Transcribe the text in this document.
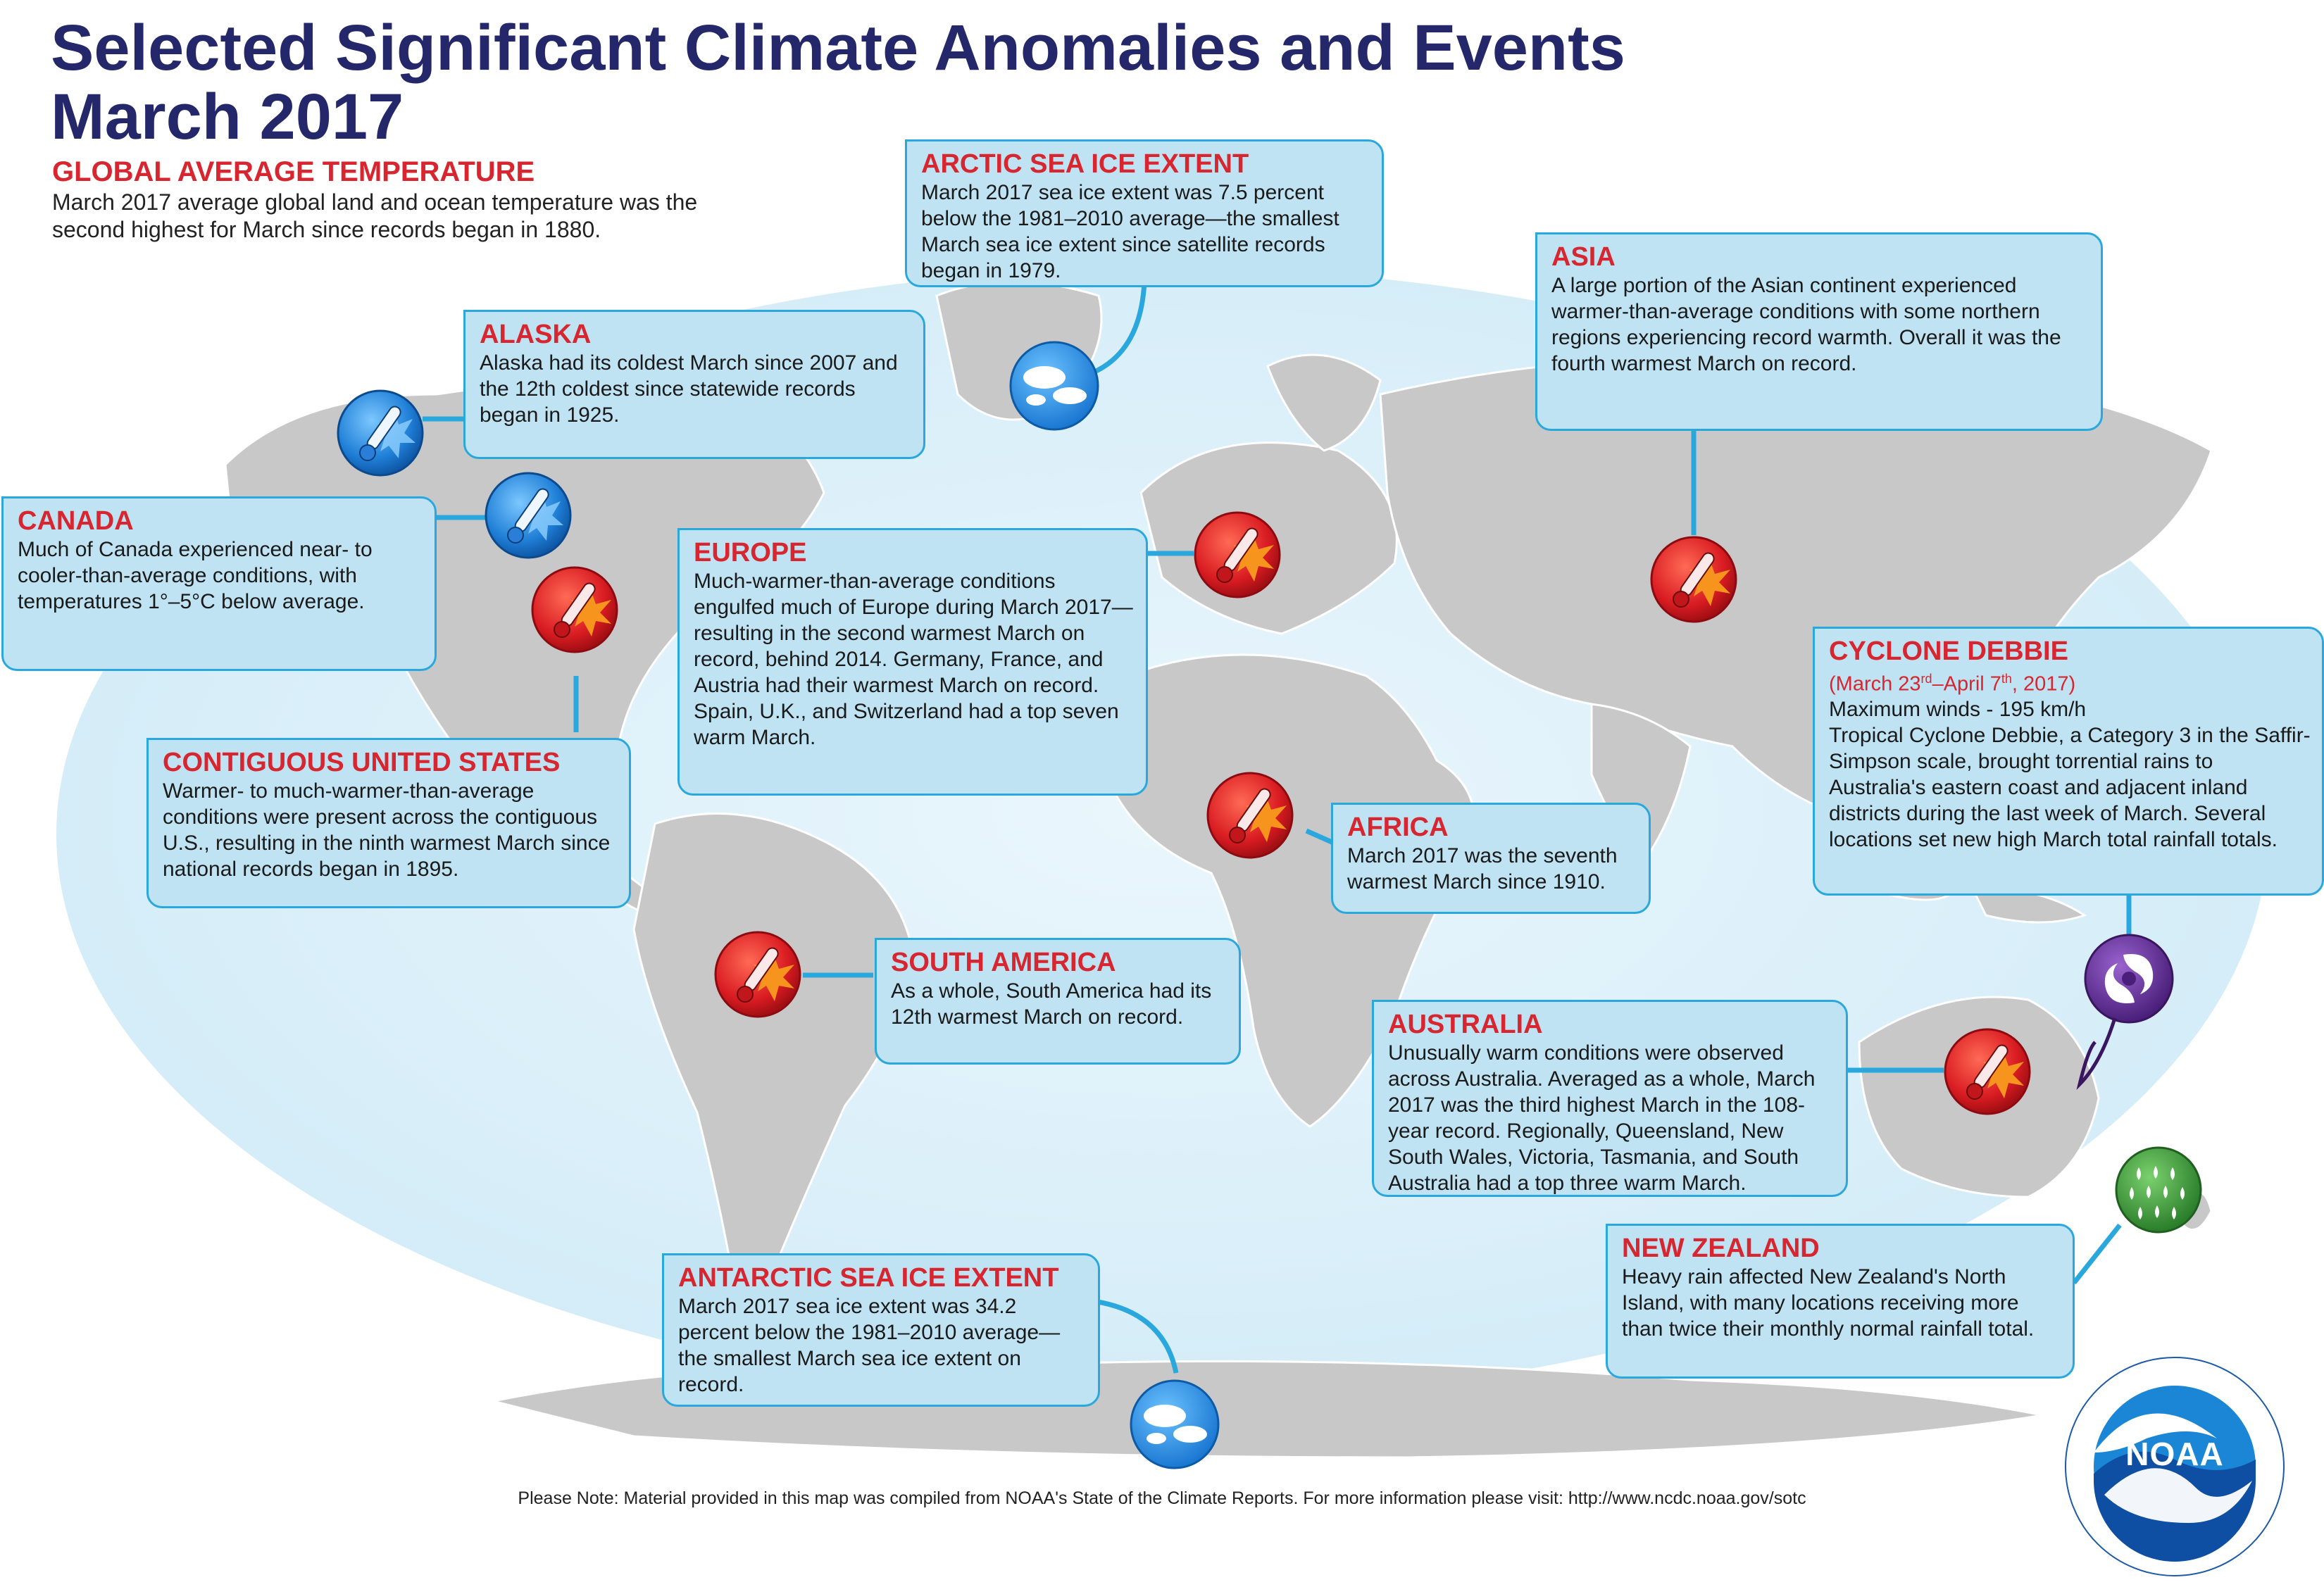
Selected Significant Climate Anomalies and Events
March 2017
GLOBAL AVERAGE TEMPERATURE
March 2017 average global land and ocean temperature was the second highest for March since records began in 1880.
ARCTIC SEA ICE EXTENT
March 2017 sea ice extent was 7.5 percent below the 1981–2010 average—the smallest March sea ice extent since satellite records began in 1979.
ALASKA
Alaska had its coldest March since 2007 and the 12th coldest since statewide records began in 1925.
ASIA
A large portion of the Asian continent experienced warmer-than-average conditions with some northern regions experiencing record warmth. Overall it was the fourth warmest March on record.
CANADA
Much of Canada experienced near- to cooler-than-average conditions, with temperatures 1°–5°C below average.
EUROPE
Much-warmer-than-average conditions engulfed much of Europe during March 2017—resulting in the second warmest March on record, behind 2014. Germany, France, and Austria had their warmest March on record. Spain, U.K., and Switzerland had a top seven warm March.
CYCLONE DEBBIE
(March 23rd–April 7th, 2017)
Maximum winds - 195 km/h
Tropical Cyclone Debbie, a Category 3 in the Saffir-Simpson scale, brought torrential rains to Australia's eastern coast and adjacent inland districts during the last week of March. Several locations set new high March total rainfall totals.
CONTIGUOUS UNITED STATES
Warmer- to much-warmer-than-average conditions were present across the contiguous U.S., resulting in the ninth warmest March since national records began in 1895.
AFRICA
March 2017 was the seventh warmest March since 1910.
SOUTH AMERICA
As a whole, South America had its 12th warmest March on record.	AUSTRALIA
Unusually warm conditions were observed across Australia. Averaged as a whole, March 2017 was the third highest March in the 108-year record. Regionally, Queensland, New South Wales, Victoria, Tasmania, and South Australia had a top three warm March.
NEW ZEALAND
Heavy rain affected New Zealand's North Island, with many locations receiving more than twice their monthly normal rainfall total.
ANTARCTIC SEA ICE EXTENT
March 2017 sea ice extent was 34.2 percent below the 1981–2010 average—the smallest March sea ice extent on record.
NOAA
Please Note: Material provided in this map was compiled from NOAA's State of the Climate Reports. For more information please visit: http://www.ncdc.noaa.gov/sotc
